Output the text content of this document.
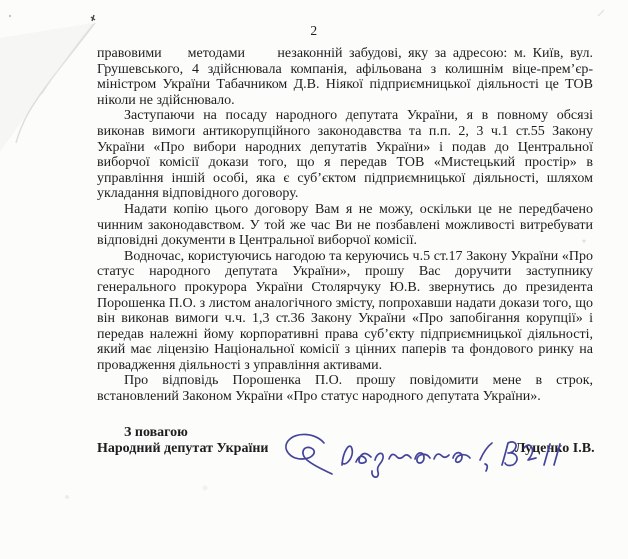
2

правовими    методами     незаконній забудові, яку за адресою: м. Київ, вул. Грушевського, 4 здійснювала компанія, афільована з колишнім віце-прем’єр-міністром України Табачником Д.В. Ніякої підприємницької діяльності це ТОВ ніколи не здійснювало.

Заступаючи на посаду народного депутата України, я в повному обсязі виконав вимоги антикорупційного законодавства та п.п. 2, 3 ч.1 ст.55 Закону України «Про вибори народних депутатів України» і подав до Центральної виборчої комісії докази того, що я передав ТОВ «Мистецький простір» в управління іншій особі, яка є суб’єктом підприємницької діяльності, шляхом укладання відповідного договору.

Надати копію цього договору Вам я не можу, оскільки це не передбачено чинним законодавством. У той же час Ви не позбавлені можливості витребувати відповідні документи в Центральної виборчої комісії.

Водночас, користуючись нагодою та керуючись ч.5 ст.17 Закону України «Про статус народного депутата України», прошу Вас доручити заступнику генерального прокурора України Столярчуку Ю.В. звернутись до президента Порошенка П.О. з листом аналогічного змісту, попрохавши надати докази того, що він виконав вимоги ч.ч. 1,3 ст.36 Закону України «Про запобігання корупції» і передав належні йому корпоративні права суб’єкту підприємницької діяльності, який має ліцензію Національної комісії з цінних паперів та фондового ринку на провадження діяльності з управління активами.

Про відповідь Порошенка П.О. прошу повідомити мене в строк, встановлений Законом України «Про статус народного депутата України».

З повагою
Народний депутат України	Луценко І.В.
